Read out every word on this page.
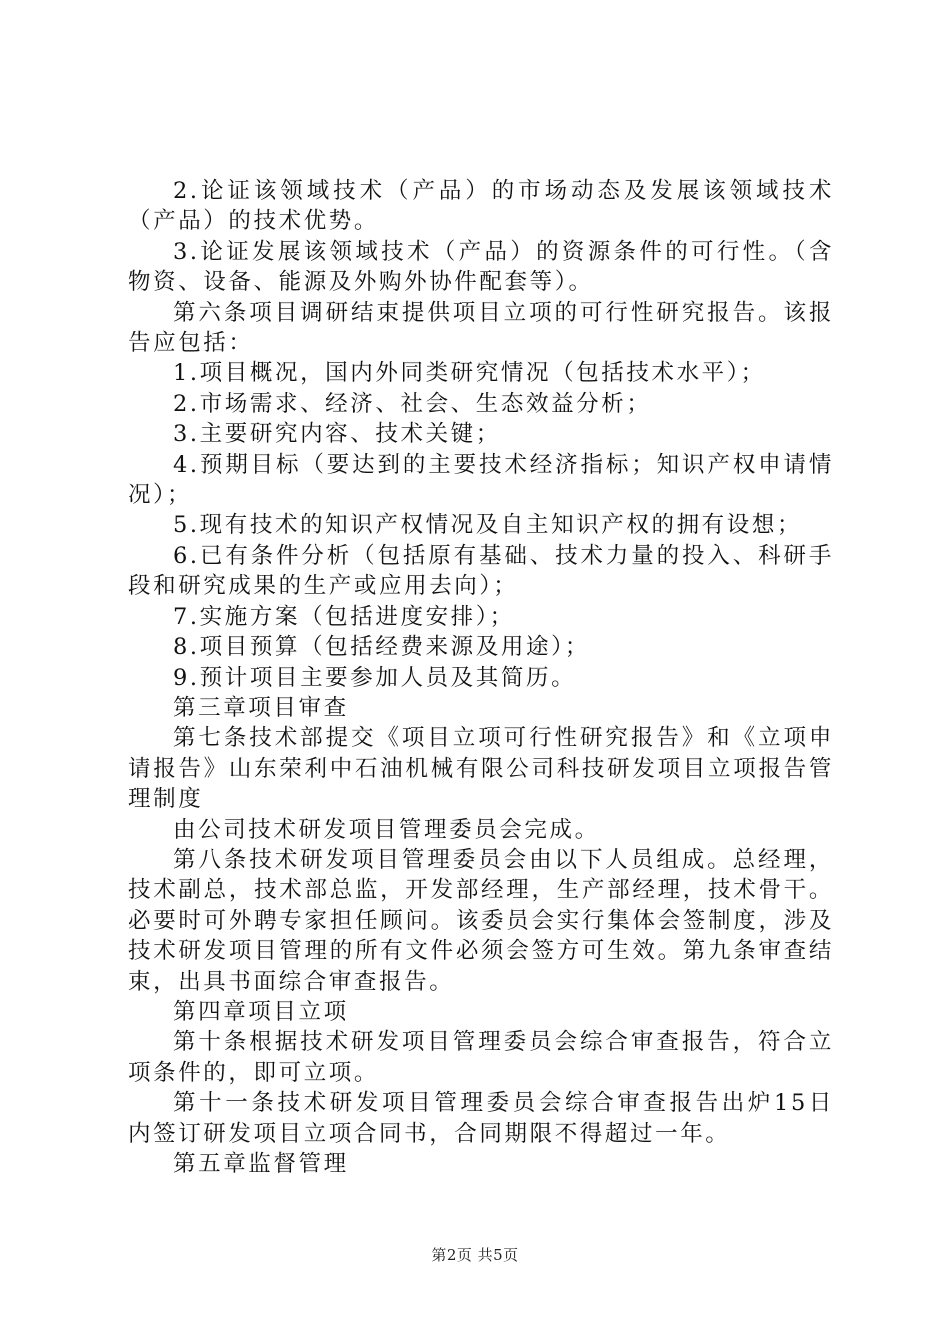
2.论证该领域技术（产品）的市场动态及发展该领域技术（产品）的技术优势。

3.论证发展该领域技术（产品）的资源条件的可行性。（含物资、设备、能源及外购外协件配套等）。

第六条项目调研结束提供项目立项的可行性研究报告。该报告应包括：

1.项目概况，国内外同类研究情况（包括技术水平）；

2.市场需求、经济、社会、生态效益分析；

3.主要研究内容、技术关键；

4.预期目标（要达到的主要技术经济指标；知识产权申请情况）；

5.现有技术的知识产权情况及自主知识产权的拥有设想；

6.已有条件分析（包括原有基础、技术力量的投入、科研手段和研究成果的生产或应用去向）；

7.实施方案（包括进度安排）；

8.项目预算（包括经费来源及用途）；

9.预计项目主要参加人员及其简历。

第三章项目审查

第七条技术部提交《项目立项可行性研究报告》和《立项申请报告》山东荣利中石油机械有限公司科技研发项目立项报告管理制度

由公司技术研发项目管理委员会完成。

第八条技术研发项目管理委员会由以下人员组成。总经理，技术副总，技术部总监，开发部经理，生产部经理，技术骨干。必要时可外聘专家担任顾问。该委员会实行集体会签制度，涉及技术研发项目管理的所有文件必须会签方可生效。第九条审查结束，出具书面综合审查报告。

第四章项目立项

第十条根据技术研发项目管理委员会综合审查报告，符合立项条件的，即可立项。

第十一条技术研发项目管理委员会综合审查报告出炉15日内签订研发项目立项合同书，合同期限不得超过一年。

第五章监督管理

第2页 共5页
